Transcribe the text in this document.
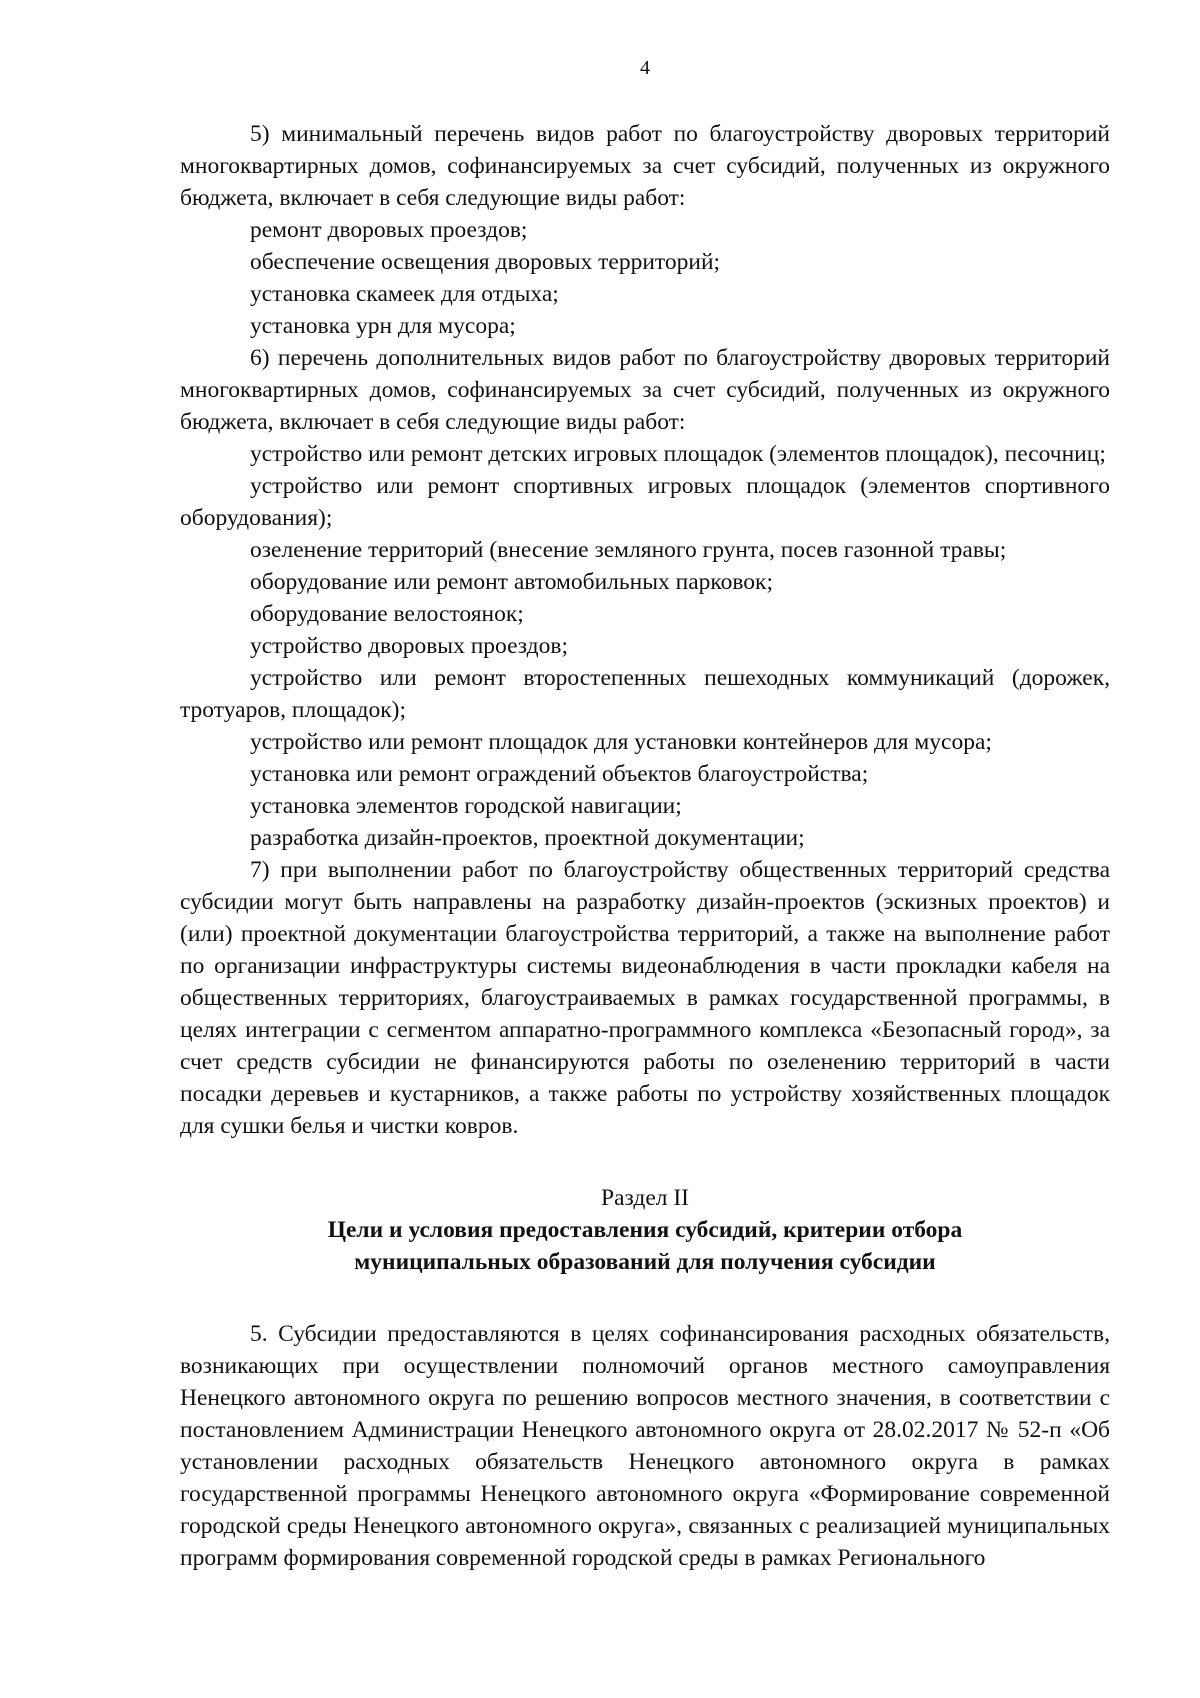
4

5) минимальный перечень видов работ по благоустройству дворовых территорий многоквартирных домов, софинансируемых за счет субсидий, полученных из окружного бюджета, включает в себя следующие виды работ:

ремонт дворовых проездов;

обеспечение освещения дворовых территорий;

установка скамеек для отдыха;

установка урн для мусора;

6) перечень дополнительных видов работ по благоустройству дворовых территорий многоквартирных домов, софинансируемых за счет субсидий, полученных из окружного бюджета, включает в себя следующие виды работ:

устройство или ремонт детских игровых площадок (элементов площадок), песочниц;

устройство или ремонт спортивных игровых площадок (элементов спортивного оборудования);

озеленение территорий (внесение земляного грунта, посев газонной травы;

оборудование или ремонт автомобильных парковок;

оборудование велостоянок;

устройство дворовых проездов;

устройство или ремонт второстепенных пешеходных коммуникаций (дорожек, тротуаров, площадок);

устройство или ремонт площадок для установки контейнеров для мусора;

установка или ремонт ограждений объектов благоустройства;

установка элементов городской навигации;

разработка дизайн-проектов, проектной документации;

7) при выполнении работ по благоустройству общественных территорий средства субсидии могут быть направлены на разработку дизайн-проектов (эскизных проектов) и (или) проектной документации благоустройства территорий, а также на выполнение работ по организации инфраструктуры системы видеонаблюдения в части прокладки кабеля на общественных территориях, благоустраиваемых в рамках государственной программы, в целях интеграции с сегментом аппаратно-программного комплекса «Безопасный город», за счет средств субсидии не финансируются работы по озеленению территорий в части посадки деревьев и кустарников, а также работы по устройству хозяйственных площадок для сушки белья и чистки ковров.

Раздел II
Цели и условия предоставления субсидий, критерии отбора муниципальных образований для получения субсидии

5. Субсидии предоставляются в целях софинансирования расходных обязательств, возникающих при осуществлении полномочий органов местного самоуправления Ненецкого автономного округа по решению вопросов местного значения, в соответствии с постановлением Администрации Ненецкого автономного округа от 28.02.2017 № 52-п «Об установлении расходных обязательств Ненецкого автономного округа в рамках государственной программы Ненецкого автономного округа «Формирование современной городской среды Ненецкого автономного округа», связанных с реализацией муниципальных программ формирования современной городской среды в рамках Регионального
